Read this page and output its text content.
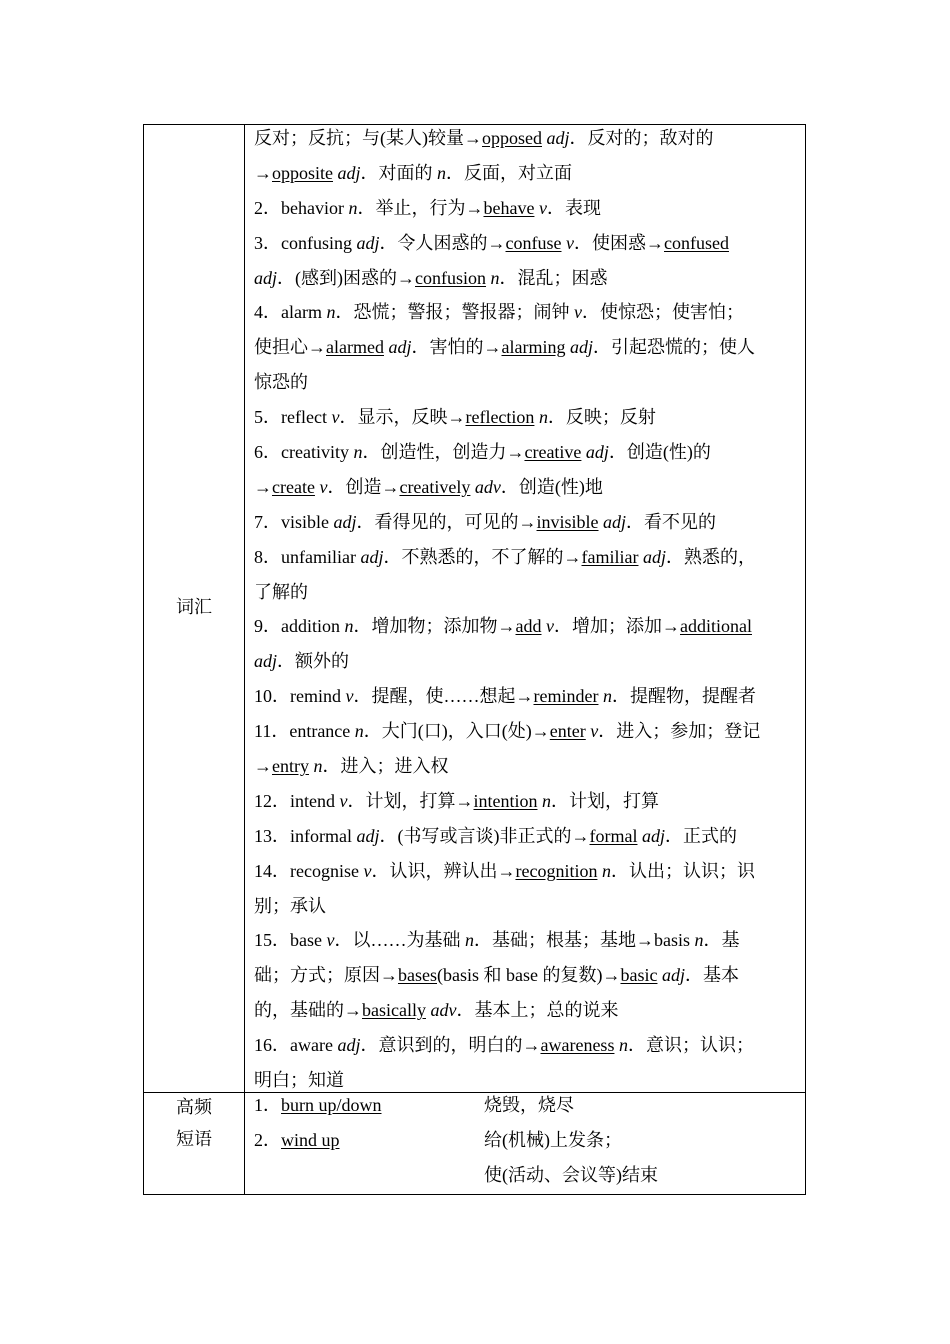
词汇
反对；反抗；与(某人)较量→opposed adj．反对的；敌对的
→opposite adj．对面的 n．反面，对立面
2．behavior n．举止，行为→behave v．表现
3．confusing adj．令人困惑的→confuse v．使困惑→confused
adj．(感到)困惑的→confusion n．混乱；困惑
4．alarm n．恐慌；警报；警报器；闹钟 v．使惊恐；使害怕；
使担心→alarmed adj．害怕的→alarming adj．引起恐慌的；使人
惊恐的
5．reflect v．显示，反映→reflection n．反映；反射
6．creativity n．创造性，创造力→creative adj．创造(性)的
→create v．创造→creatively adv．创造(性)地
7．visible adj．看得见的，可见的→invisible adj．看不见的
8．unfamiliar adj．不熟悉的，不了解的→familiar adj．熟悉的，
了解的
9．addition n．增加物；添加物→add v．增加；添加→additional
adj．额外的
10．remind v．提醒，使……想起→reminder n．提醒物，提醒者
11．entrance n．大门(口)，入口(处)→enter v．进入；参加；登记
→entry n．进入；进入权
12．intend v．计划，打算→intention n．计划，打算
13．informal adj．(书写或言谈)非正式的→formal adj．正式的
14．recognise v．认识，辨认出→recognition n．认出；认识；识
别；承认
15．base v．以……为基础 n．基础；根基；基地→basis n．基
础；方式；原因→bases(basis 和 base 的复数)→basic adj．基本
的，基础的→basically adv．基本上；总的说来
16．aware adj．意识到的，明白的→awareness n．意识；认识；
明白；知道
高频
短语
1．burn up/down	烧毁，烧尽
2．wind up	给(机械)上发条；
使(活动、会议等)结束
